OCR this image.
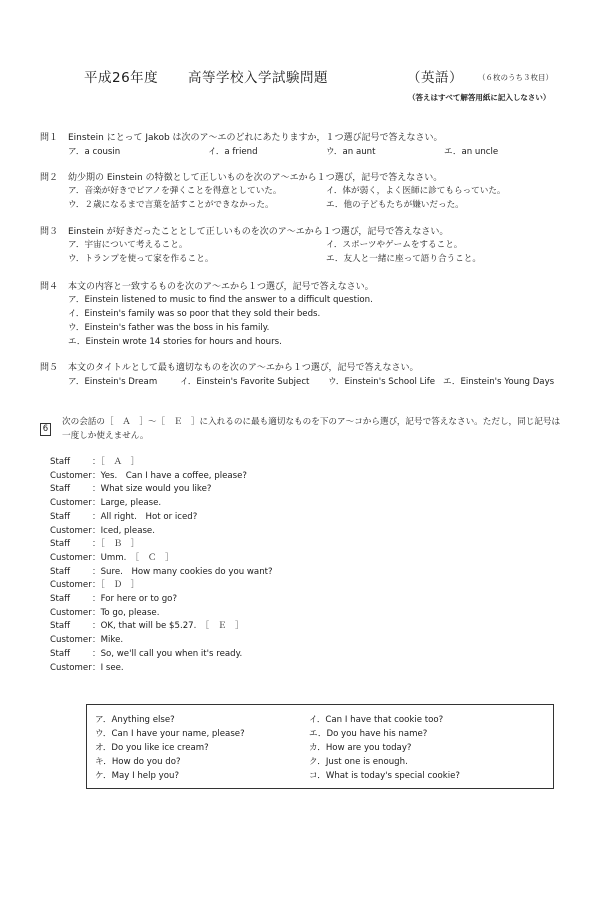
平成26年度 高等学校入学試験問題	（英語） （６枚のうち３枚目）
（答えはすべて解答用紙に記入しなさい）
問１ Einstein にとって Jakob は次のア～エのどれにあたりますか，１つ選び記号で答えなさい。
ア．a cousin	イ．a friend	ウ．an aunt	エ．an uncle
問２ 幼少期の Einstein の特徴として正しいものを次のア～エから１つ選び，記号で答えなさい。
ア．音楽が好きでピアノを弾くことを得意としていた。	イ．体が弱く，よく医師に診てもらっていた。
ウ．２歳になるまで言葉を話すことができなかった。	エ．他の子どもたちが嫌いだった。
問３ Einstein が好きだったこととして正しいものを次のア～エから１つ選び，記号で答えなさい。
ア．宇宙について考えること。	イ．スポーツやゲームをすること。
ウ．トランプを使って家を作ること。	エ．友人と一緒に座って語り合うこと。
問４ 本文の内容と一致するものを次のア～エから１つ選び，記号で答えなさい。
ア．Einstein listened to music to find the answer to a difficult question.
イ．Einstein's family was so poor that they sold their beds.
ウ．Einstein's father was the boss in his family.
エ．Einstein wrote 14 stories for hours and hours.
問５ 本文のタイトルとして最も適切なものを次のア～エから１つ選び，記号で答えなさい。
ア．Einstein's Dream	イ．Einstein's Favorite Subject ウ．Einstein's School Life エ．Einstein's Young Days
6
次の会話の［　Ａ　］～［　Ｅ　］に入れるのに最も適切なものを下のア～コから選び，記号で答えなさい。ただし，同じ記号は
一度しか使えません。
Staff	：［　Ａ　］
Customer ：Yes.　Can I have a coffee, please?
Staff	：What size would you like?
Customer ：Large, please.
Staff	：All right.　Hot or iced?
Customer ：Iced, please.
Staff	：［　Ｂ　］
Customer ：Umm.　［　Ｃ　］
Staff	：Sure.　How many cookies do you want?
Customer ：［　Ｄ　］
Staff	：For here or to go?
Customer ：To go, please.
Staff	：OK, that will be $5.27.　［　Ｅ　］
Customer ：Mike.
Staff	：So, we'll call you when it's ready.
Customer ：I see.
ア．Anything else?	イ．Can I have that cookie too?
ウ．Can I have your name, please?	エ．Do you have his name?
オ．Do you like ice cream?	カ．How are you today?
キ．How do you do?	ク．Just one is enough.
ケ．May I help you?	コ．What is today's special cookie?
